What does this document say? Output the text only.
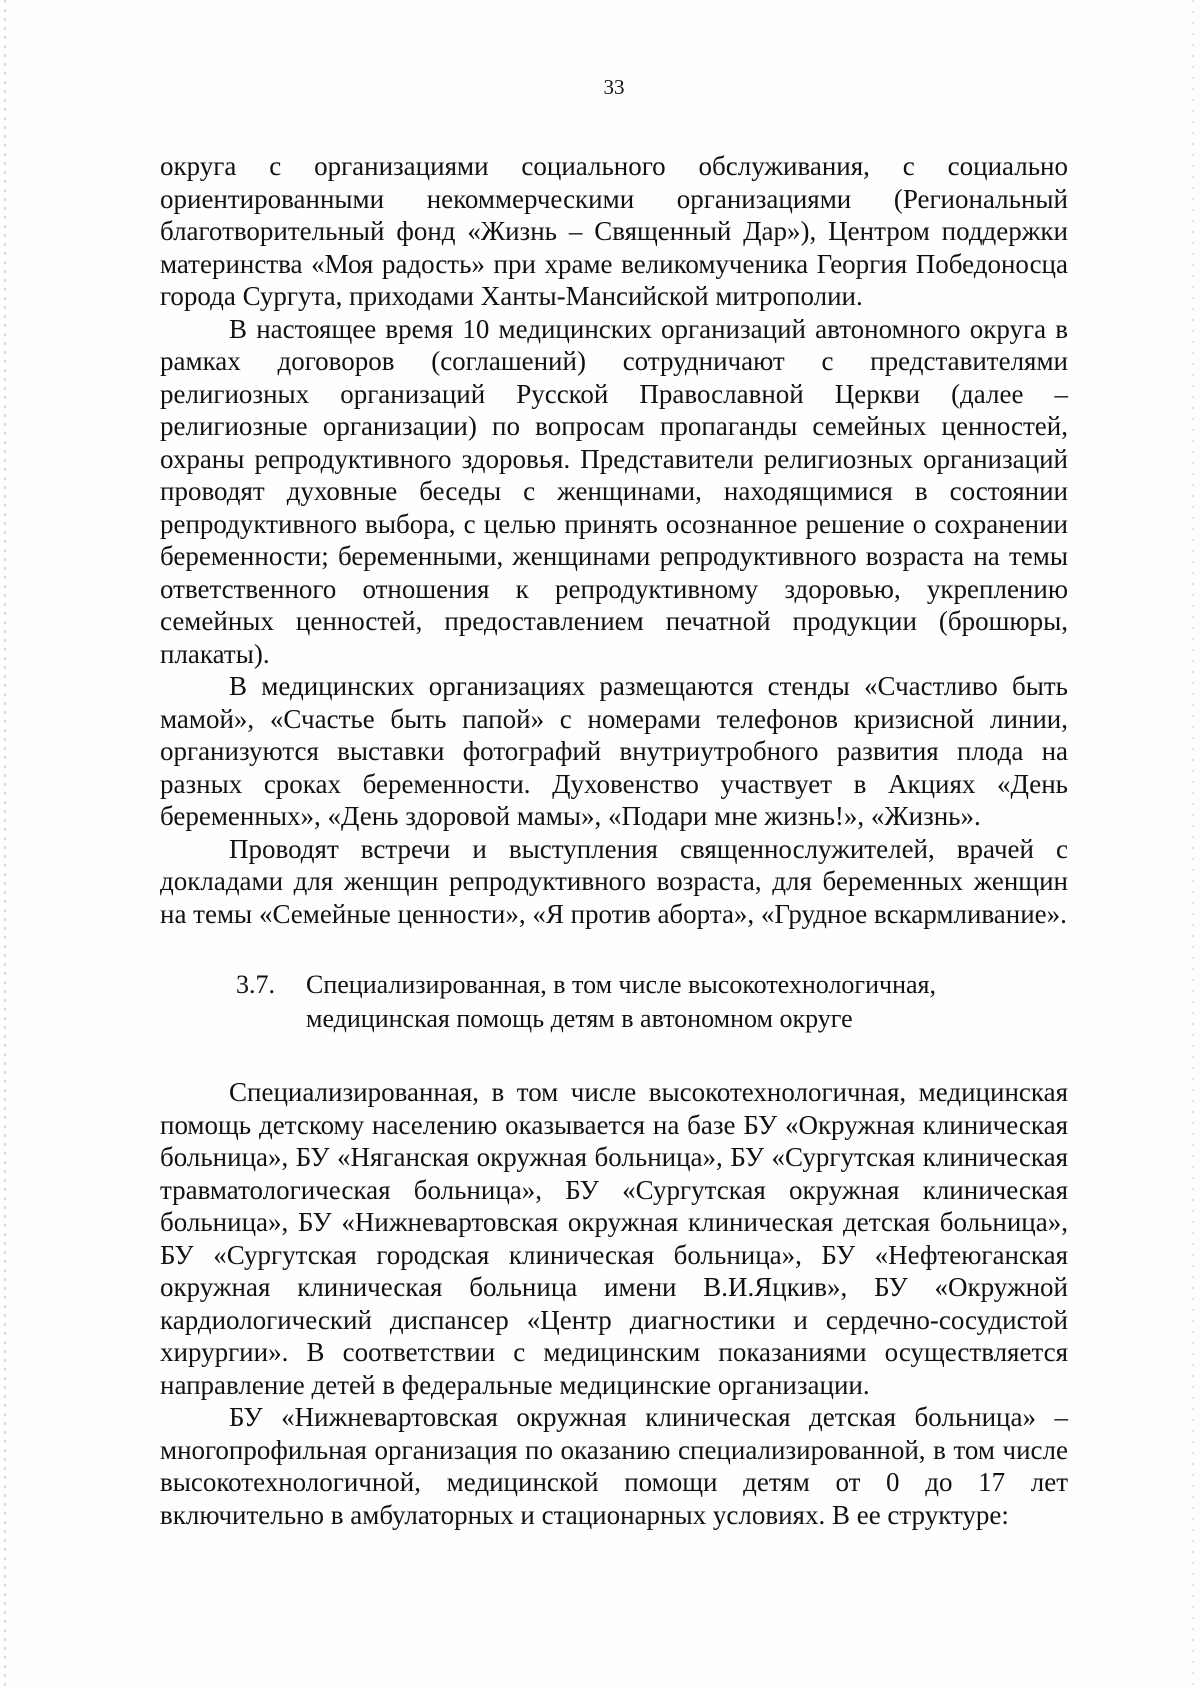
33

округа с организациями социального обслуживания, с социально ориентированными некоммерческими организациями (Региональный благотворительный фонд «Жизнь – Священный Дар»), Центром поддержки материнства «Моя радость» при храме великомученика Георгия Победоносца города Сургута, приходами Ханты-Мансийской митрополии.

В настоящее время 10 медицинских организаций автономного округа в рамках договоров (соглашений) сотрудничают с представителями религиозных организаций Русской Православной Церкви (далее – религиозные организации) по вопросам пропаганды семейных ценностей, охраны репродуктивного здоровья. Представители религиозных организаций проводят духовные беседы с женщинами, находящимися в состоянии репродуктивного выбора, с целью принять осознанное решение о сохранении беременности; беременными, женщинами репродуктивного возраста на темы ответственного отношения к репродуктивному здоровью, укреплению семейных ценностей, предоставлением печатной продукции (брошюры, плакаты).

В медицинских организациях размещаются стенды «Счастливо быть мамой», «Счастье быть папой» с номерами телефонов кризисной линии, организуются выставки фотографий внутриутробного развития плода на разных сроках беременности. Духовенство участвует в Акциях «День беременных», «День здоровой мамы», «Подари мне жизнь!», «Жизнь».

Проводят встречи и выступления священнослужителей, врачей с докладами для женщин репродуктивного возраста, для беременных женщин на темы «Семейные ценности», «Я против аборта», «Грудное вскармливание».

3.7. Специализированная, в том числе высокотехнологичная,
медицинская помощь детям в автономном округе

Специализированная, в том числе высокотехнологичная, медицинская помощь детскому населению оказывается на базе БУ «Окружная клиническая больница», БУ «Няганская окружная больница», БУ «Сургутская клиническая травматологическая больница», БУ «Сургутская окружная клиническая больница», БУ «Нижневартовская окружная клиническая детская больница», БУ «Сургутская городская клиническая больница», БУ «Нефтеюганская окружная клиническая больница имени В.И.Яцкив», БУ «Окружной кардиологический диспансер «Центр диагностики и сердечно-сосудистой хирургии». В соответствии с медицинским показаниями осуществляется направление детей в федеральные медицинские организации.

БУ «Нижневартовская окружная клиническая детская больница» – многопрофильная организация по оказанию специализированной, в том числе высокотехнологичной, медицинской помощи детям от 0 до 17 лет включительно в амбулаторных и стационарных условиях. В ее структуре:
